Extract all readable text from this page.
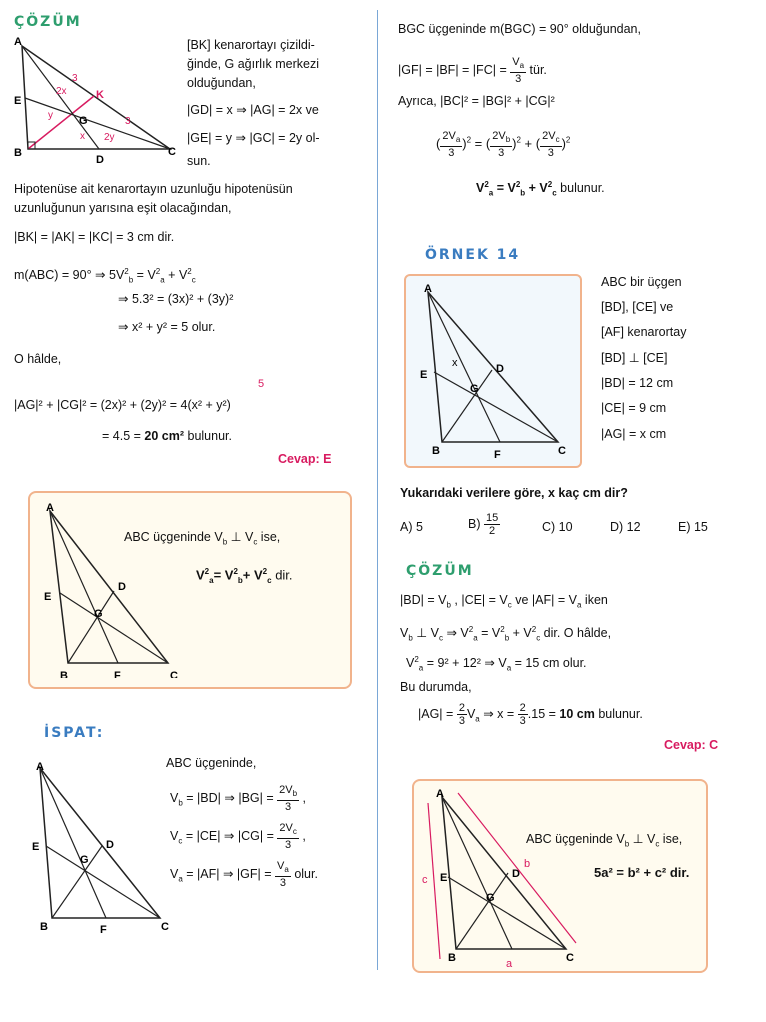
ÇÖZÜM
A
E
B
D
C
K
G
3
3
2x
y
x 2y
[BK] kenarortayı çizildi-
ğinde, G ağırlık merkezi
olduğundan,
|GD| = x ⇒ |AG| = 2x ve
|GE| = y ⇒ |GC| = 2y ol-
sun.
Hipotenüse ait kenarortayın uzunluğu hipotenüsün
uzunluğunun yarısına eşit olacağından,
|BK| = |AK| = |KC| = 3 cm dir.
m(ABC) = 90° ⇒ $5V^2_b = V^2_a + V^2_c$
⇒ 5.3² = (3x)² + (3y)²
⇒ x² + y² = 5 olur.
O hâlde,
5
|AG|² + |CG|² = (2x)² + (2y)² = 4(x² + y²)
= 4.5 = 20 cm² bulunur.
Cevap: E
A
E
B
D
C
G
F
ABC üçgeninde $V_b$ ⊥ $V_c$ ise,
$V^2_a= V^2_b+ V^2_c$ dir.
İSPAT:
A
E
B
D
C
G
F
ABC üçgeninde,
$V_b = |BD|$ ⇒ $|BG| = \frac{2V_b}{3}$ ,
$V_c = |CE|$ ⇒ $|CG| = \frac{2V_c}{3}$ ,
$V_a = |AF|$ ⇒ $|GF| = \frac{V_a}{3}$ olur.
BGC üçgeninde m(BGC) = 90° olduğundan,
$|GF| = |BF| = |FC| = \frac{V_a}{3}$ tür.
Ayrıca, |BC|² = |BG|² + |CG|²
( $\frac{2V_a}{3} )^2$ = ( $\frac{2V_b}{3} )^2$ + ( $\frac{2V_c}{3} )^2$
$V^2_a = V^2_b + V^2_c$ bulunur.
ÖRNEK 14
A
E
B
D
C
G
F
x
ABC bir üçgen
[BD], [CE] ve
[AF] kenarortay
[BD] ⊥ [CE]
|BD| = 12 cm
|CE| = 9 cm
|AG| = x cm
Yukarıdaki verilere göre, x kaç cm dir?
A) 5	$B) \frac{15}{2}$	C) 10	D) 12	E) 15
ÇÖZÜM
$|BD| = V_b$ , $|CE| = V_c$ ve $|AF| = V_a$ iken
$V_b$ ⊥ $V_c$ ⇒ $V^2_a = V^2_b + V^2_c$ dir. O hâlde,
$V^2_a = 9^2 + 12^2$ ⇒ $V_a = 15$ cm olur.
Bu durumda,
$|AG| = \frac{2}{3} V_a$ ⇒ $x = \frac{2}{3} .15 = 10$ cm bulunur.
Cevap: C
A
E
B
D
C
G
c
b
a
ABC üçgeninde $V_b$ ⊥ $V_c$ ise,
5a² = b² + c² dir.
